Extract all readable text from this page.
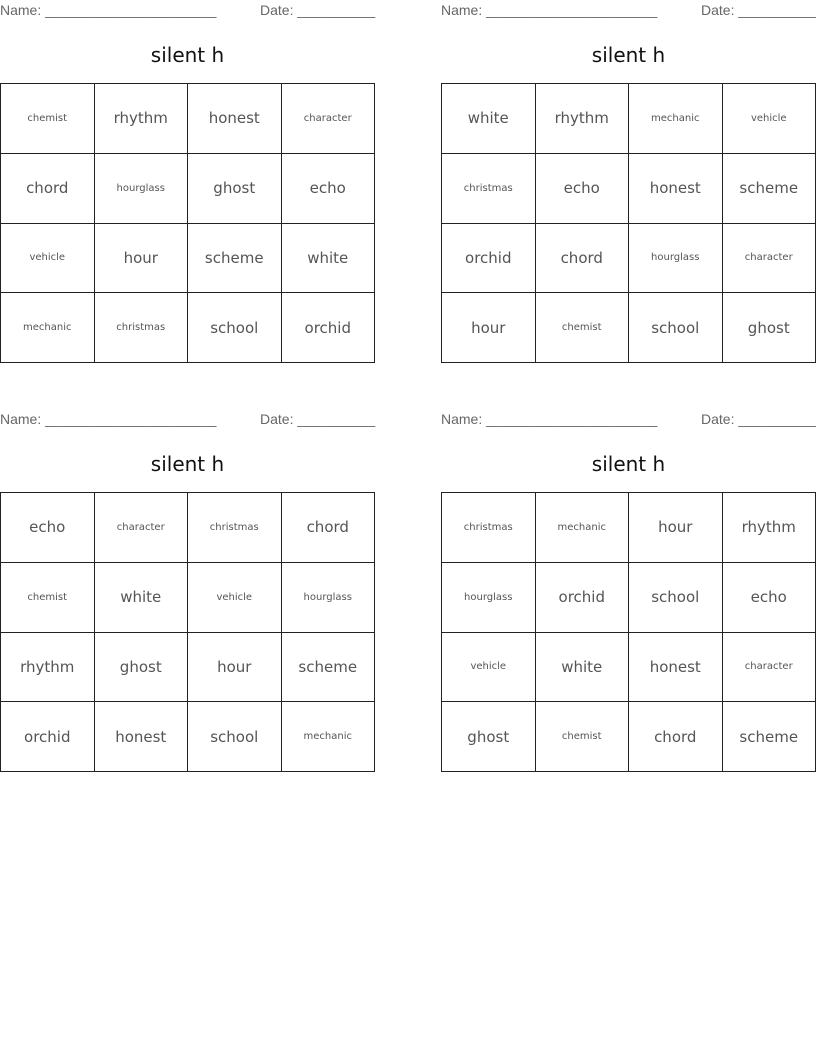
Name: ______________________	Date: __________
silent h
chemist	rhythm	honest	character
chord	hourglass	ghost	echo
vehicle	hour	scheme	white
mechanic	christmas	school	orchid
Name: ______________________	Date: __________
silent h
white	rhythm	mechanic	vehicle
christmas	echo	honest	scheme
orchid	chord	hourglass	character
hour	chemist	school	ghost
Name: ______________________	Date: __________
silent h
echo	character	christmas	chord
chemist	white	vehicle	hourglass
rhythm	ghost	hour	scheme
orchid	honest	school	mechanic
Name: ______________________	Date: __________
silent h
christmas	mechanic	hour	rhythm
hourglass	orchid	school	echo
vehicle	white	honest	character
ghost	chemist	chord	scheme
